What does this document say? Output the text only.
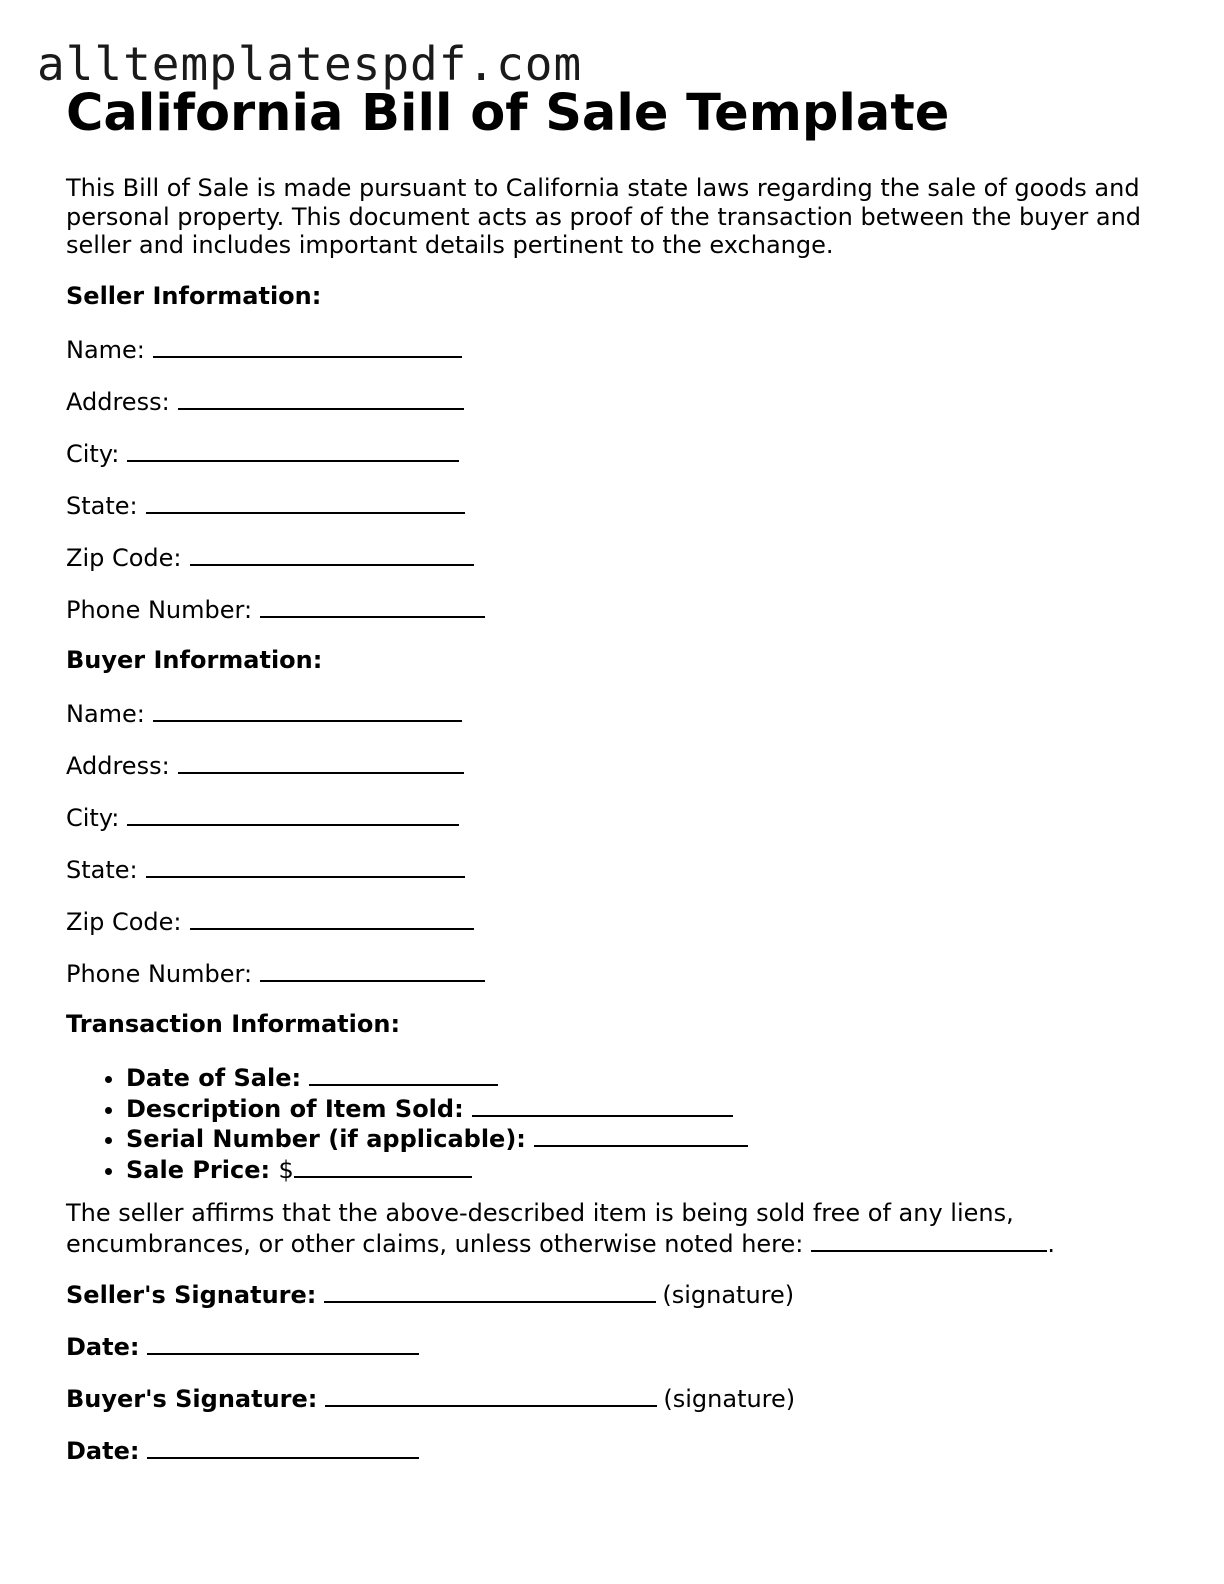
alltemplatespdf.com
California Bill of Sale Template

This Bill of Sale is made pursuant to California state laws regarding the sale of goods and personal property. This document acts as proof of the transaction between the buyer and seller and includes important details pertinent to the exchange.

Seller Information:
Name:
Address:
City:
State:
Zip Code:
Phone Number:
Buyer Information:
Name:
Address:
City:
State:
Zip Code:
Phone Number:
Transaction Information:
• Date of Sale:
• Description of Item Sold:
• Serial Number (if applicable):
• Sale Price: $
The seller affirms that the above-described item is being sold free of any liens, encumbrances, or other claims, unless otherwise noted here:	.
Seller's Signature:	(signature)
Date:
Buyer's Signature:	(signature)
Date:
